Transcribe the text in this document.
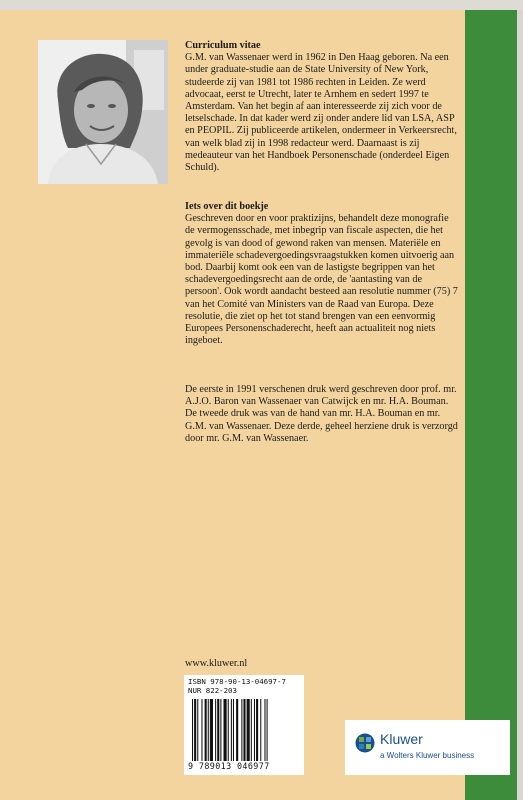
Curriculum vitae

G.M. van Wassenaer werd in 1962 in Den Haag geboren. Na een under graduate-studie aan de State University of New York, studeerde zij van 1981 tot 1986 rechten in Leiden. Ze werd advocaat, eerst te Utrecht, later te Arnhem en sedert 1997 te Amsterdam. Van het begin af aan interesseerde zij zich voor de letselschade. In dat kader werd zij onder andere lid van LSA, ASP en PEOPIL. Zij publiceerde artikelen, ondermeer in Verkeersrecht, van welk blad zij in 1998 redacteur werd. Daarnaast is zij medeauteur van het Handboek Personenschade (onderdeel Eigen Schuld).

Iets over dit boekje

Geschreven door en voor praktizijns, behandelt deze monografie de vermogensschade, met inbegrip van fiscale aspecten, die het gevolg is van dood of gewond raken van mensen. Materiële en immateriële schadevergoedingsvraagstukken komen uitvoerig aan bod. Daarbij komt ook een van de lastigste begrippen van het schadevergoedingsrecht aan de orde, de 'aantasting van de persoon'. Ook wordt aandacht besteed aan resolutie nummer (75) 7 van het Comité van Ministers van de Raad van Europa. Deze resolutie, die ziet op het tot stand brengen van een eenvormig Europees Personenschaderecht, heeft aan actualiteit nog niets ingeboet.

De eerste in 1991 verschenen druk werd geschreven door prof. mr. A.J.O. Baron van Wassenaer van Catwijck en mr. H.A. Bouman.

De tweede druk was van de hand van mr. H.A. Bouman en mr. G.M. van Wassenaer. Deze derde, geheel herziene druk is verzorgd door mr. G.M. van Wassenaer.

www.kluwer.nl
ISBN 978-90-13-04697-7
NUR 822-203
9 789013 046977
Kluwer
a Wolters Kluwer business
